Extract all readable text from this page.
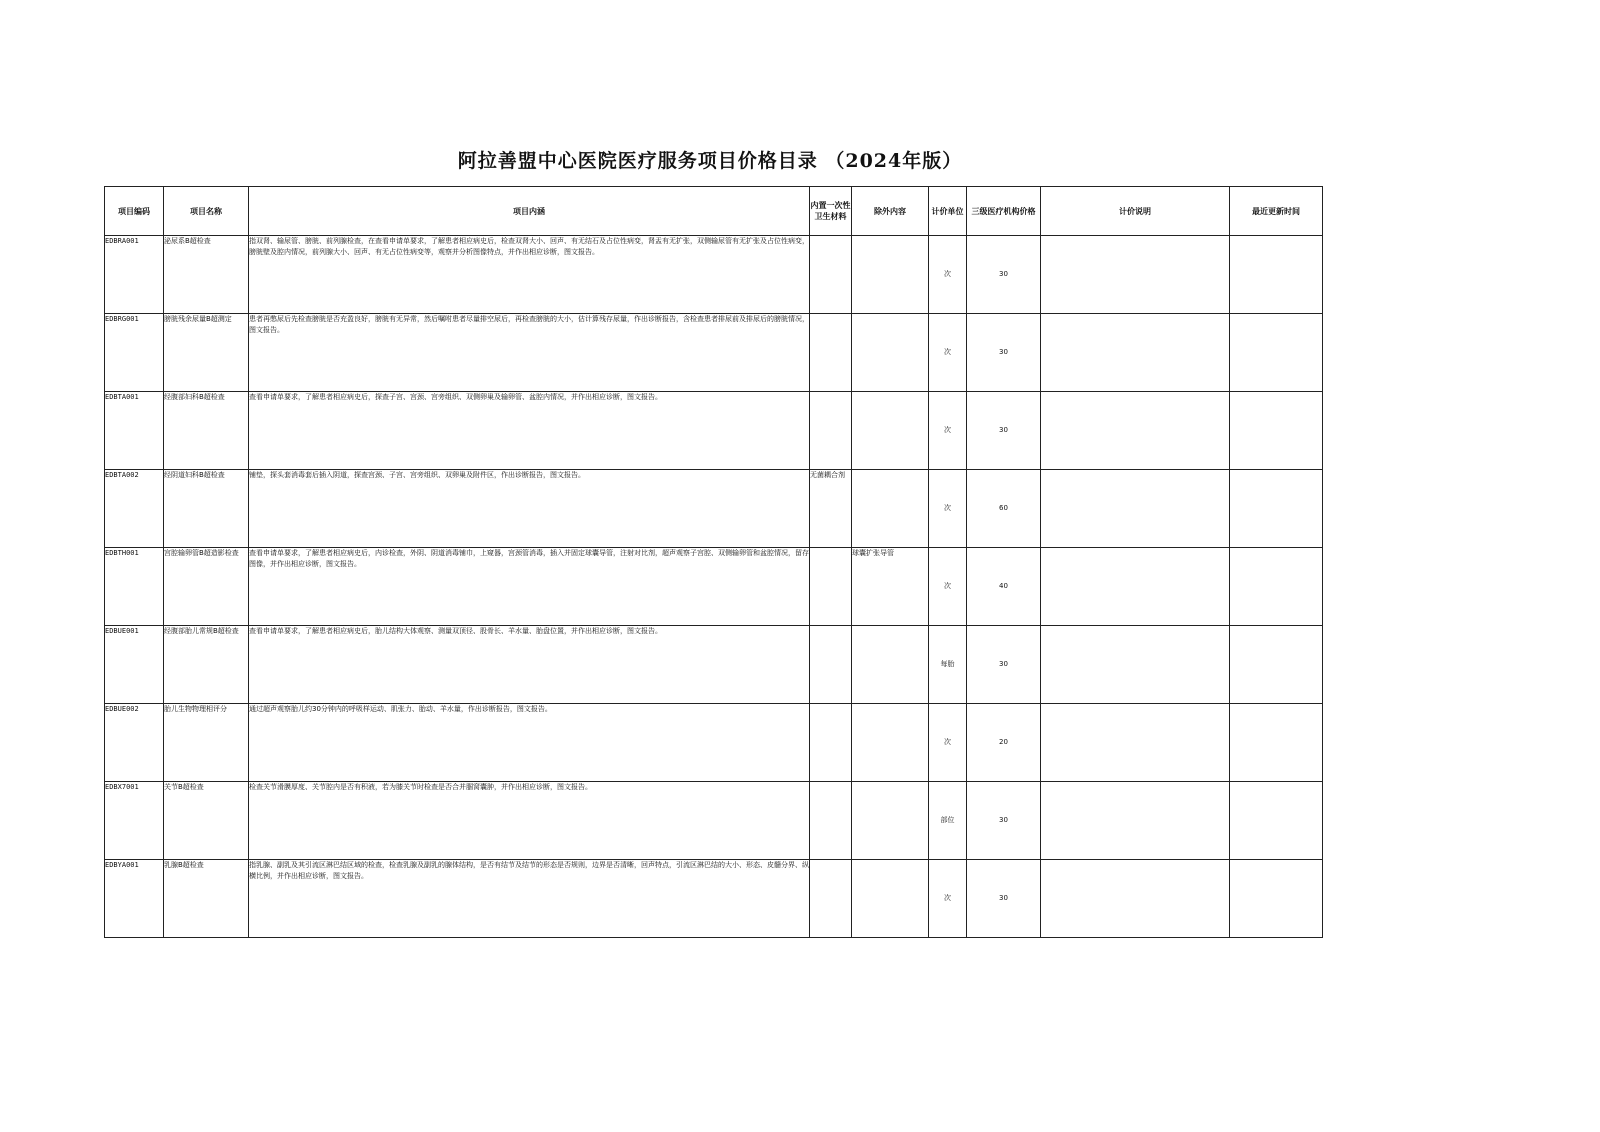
阿拉善盟中心医院医疗服务项目价格目录 （2024年版）
项目编码	项目名称	项目内涵	内置一次性卫生材料	除外内容	计价单位	三级医疗机构价格	计价说明	最近更新时间
EDBRA001	泌尿系B超检查	指双肾、输尿管、膀胱、前列腺检查，在查看申请单要求，了解患者相应病史后，检查双肾大小、回声、有无结石及占位性病变，肾盂有无扩张，双侧输尿管有无扩张及占位性病变，膀胱壁及腔内情况，前列腺大小、回声、有无占位性病变等，观察并分析图像特点，并作出相应诊断，图文报告。			次	30		
EDBRG001	膀胱残余尿量B超测定	患者再憋尿后先检查膀胱是否充盈良好，膀胱有无异常，然后嘱咐患者尽量排空尿后，再检查膀胱的大小，估计算残存尿量，作出诊断报告，含检查患者排尿前及排尿后的膀胱情况，图文报告。			次	30		
EDBTA001	经腹部妇科B超检查	查看申请单要求，了解患者相应病史后，探查子宫、宫颈、宫旁组织、双侧卵巢及输卵管、盆腔内情况，并作出相应诊断，图文报告。			次	30		
EDBTA002	经阴道妇科B超检查	铺垫，探头套消毒套后插入阴道，探查宫颈、子宫、宫旁组织、双卵巢及附件区，作出诊断报告，图文报告。	无菌耦合剂		次	60		
EDBTH001	宫腔输卵管B超造影检查	查看申请单要求，了解患者相应病史后，内诊检查，外阴、阴道消毒铺巾，上窥器，宫颈管消毒，插入并固定球囊导管，注射对比剂，超声观察子宫腔、双侧输卵管和盆腔情况，留存图像，并作出相应诊断，图文报告。		球囊扩张导管	次	40		
EDBUE001	经腹部胎儿常规B超检查	查看申请单要求，了解患者相应病史后，胎儿结构大体观察、测量双顶径、股骨长、羊水量、胎盘位置，并作出相应诊断，图文报告。			每胎	30		
EDBUE002	胎儿生物物理相评分	通过超声观察胎儿约30分钟内的呼吸样运动、肌张力、胎动、羊水量，作出诊断报告，图文报告。			次	20		
EDBX7001	关节B超检查	检查关节滑膜厚度、关节腔内是否有积液，若为膝关节时检查是否合并腘窝囊肿，并作出相应诊断，图文报告。			部位	30		
EDBYA001	乳腺B超检查	指乳腺、副乳及其引流区淋巴结区域的检查，检查乳腺及副乳的腺体结构，是否有结节及结节的形态是否规则，边界是否清晰，回声特点，引流区淋巴结的大小、形态、皮髓分界、纵横比例，并作出相应诊断，图文报告。			次	30		
